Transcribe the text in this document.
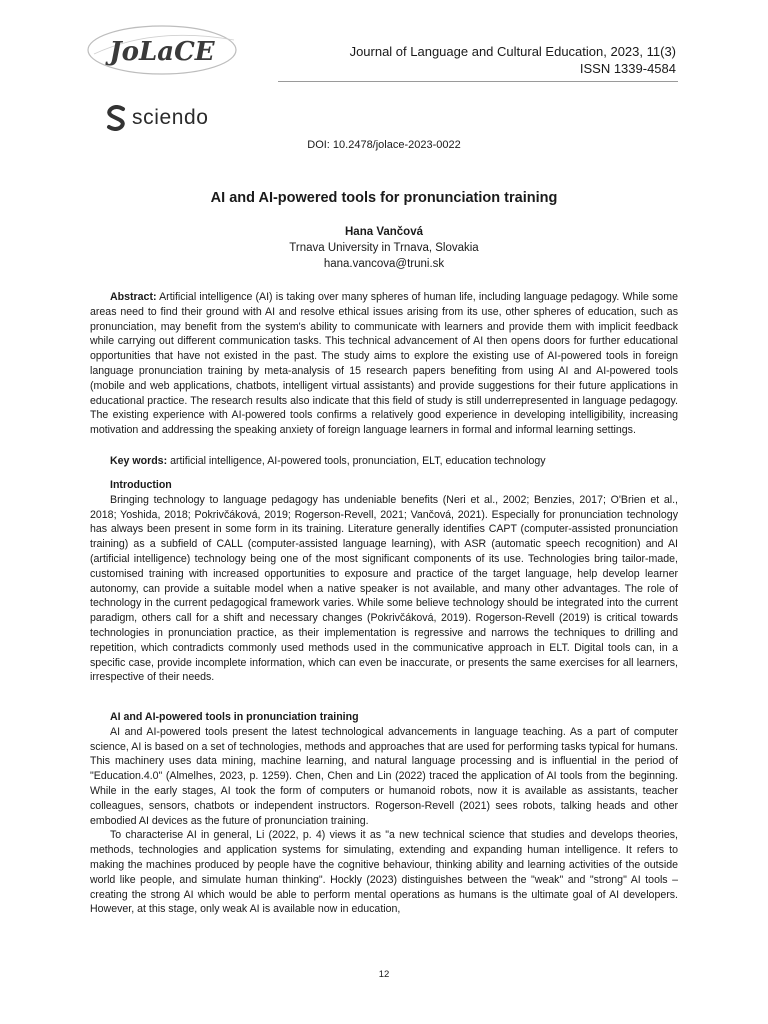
JoLaCE	Journal of Language and Cultural Education, 2023, 11(3)
ISSN 1339-4584
sciendo
DOI: 10.2478/jolace-2023-0022
AI and AI-powered tools for pronunciation training
Hana Vančová
Trnava University in Trnava, Slovakia
hana.vancova@truni.sk

Abstract: Artificial intelligence (AI) is taking over many spheres of human life, including language pedagogy. While some areas need to find their ground with AI and resolve ethical issues arising from its use, other spheres of education, such as pronunciation, may benefit from the system's ability to communicate with learners and provide them with implicit feedback while carrying out different communication tasks. This technical advancement of AI then opens doors for further educational opportunities that have not existed in the past. The study aims to explore the existing use of AI-powered tools in foreign language pronunciation training by meta-analysis of 15 research papers benefiting from using AI and AI-powered tools (mobile and web applications, chatbots, intelligent virtual assistants) and provide suggestions for their future applications in educational practice. The research results also indicate that this field of study is still underrepresented in language pedagogy. The existing experience with AI-powered tools confirms a relatively good experience in developing intelligibility, increasing motivation and addressing the speaking anxiety of foreign language learners in formal and informal learning settings.

Key words: artificial intelligence, AI-powered tools, pronunciation, ELT, education technology

Introduction

Bringing technology to language pedagogy has undeniable benefits (Neri et al., 2002; Benzies, 2017; O'Brien et al., 2018; Yoshida, 2018; Pokrivčáková, 2019; Rogerson-Revell, 2021; Vančová, 2021). Especially for pronunciation technology has always been present in some form in its training. Literature generally identifies CAPT (computer-assisted pronunciation training) as a subfield of CALL (computer-assisted language learning), with ASR (automatic speech recognition) and AI (artificial intelligence) technology being one of the most significant components of its use. Technologies bring tailor-made, customised training with increased opportunities to exposure and practice of the target language, help develop learner autonomy, can provide a suitable model when a native speaker is not available, and many other advantages. The role of technology in the current pedagogical framework varies. While some believe technology should be integrated into the current paradigm, others call for a shift and necessary changes (Pokrivčáková, 2019). Rogerson-Revell (2019) is critical towards technologies in pronunciation practice, as their implementation is regressive and narrows the techniques to drilling and repetition, which contradicts commonly used methods used in the communicative approach in ELT. Digital tools can, in a specific case, provide incomplete information, which can even be inaccurate, or presents the same exercises for all learners, irrespective of their needs.

AI and AI-powered tools in pronunciation training

AI and AI-powered tools present the latest technological advancements in language teaching. As a part of computer science, AI is based on a set of technologies, methods and approaches that are used for performing tasks typical for humans. This machinery uses data mining, machine learning, and natural language processing and is influential in the period of "Education.4.0" (Almelhes, 2023, p. 1259). Chen, Chen and Lin (2022) traced the application of AI tools from the beginning. While in the early stages, AI took the form of computers or humanoid robots, now it is available as assistants, teacher colleagues, sensors, chatbots or independent instructors. Rogerson-Revell (2021) sees robots, talking heads and other embodied AI devices as the future of pronunciation training.

To characterise AI in general, Li (2022, p. 4) views it as "a new technical science that studies and develops theories, methods, technologies and application systems for simulating, extending and expanding human intelligence. It refers to making the machines produced by people have the cognitive behaviour, thinking ability and learning activities of the outside world like people, and simulate human thinking". Hockly (2023) distinguishes between the "weak" and "strong" AI tools – creating the strong AI which would be able to perform mental operations as humans is the ultimate goal of AI developers. However, at this stage, only weak AI is available now in education,

12
